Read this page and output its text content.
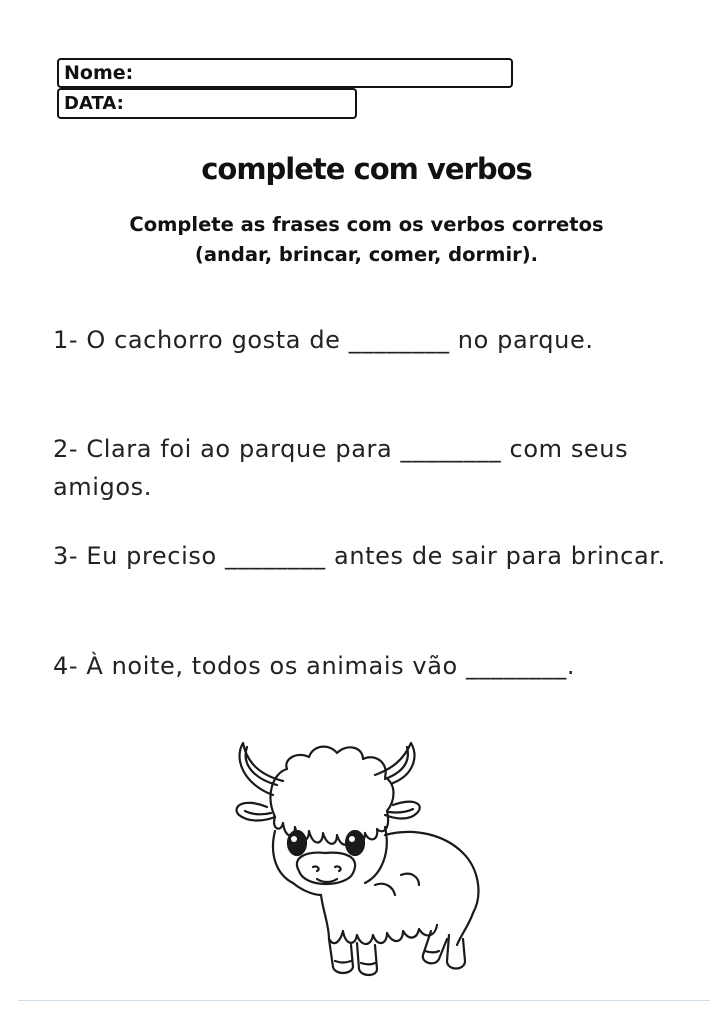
Nome:
DATA:
complete com verbos
Complete as frases com os verbos corretos
(andar, brincar, comer, dormir).

1- O cachorro gosta de ________ no parque.

2- Clara foi ao parque para ________ com seus amigos.

3- Eu preciso ________ antes de sair para brincar.

4- À noite, todos os animais vão ________.
